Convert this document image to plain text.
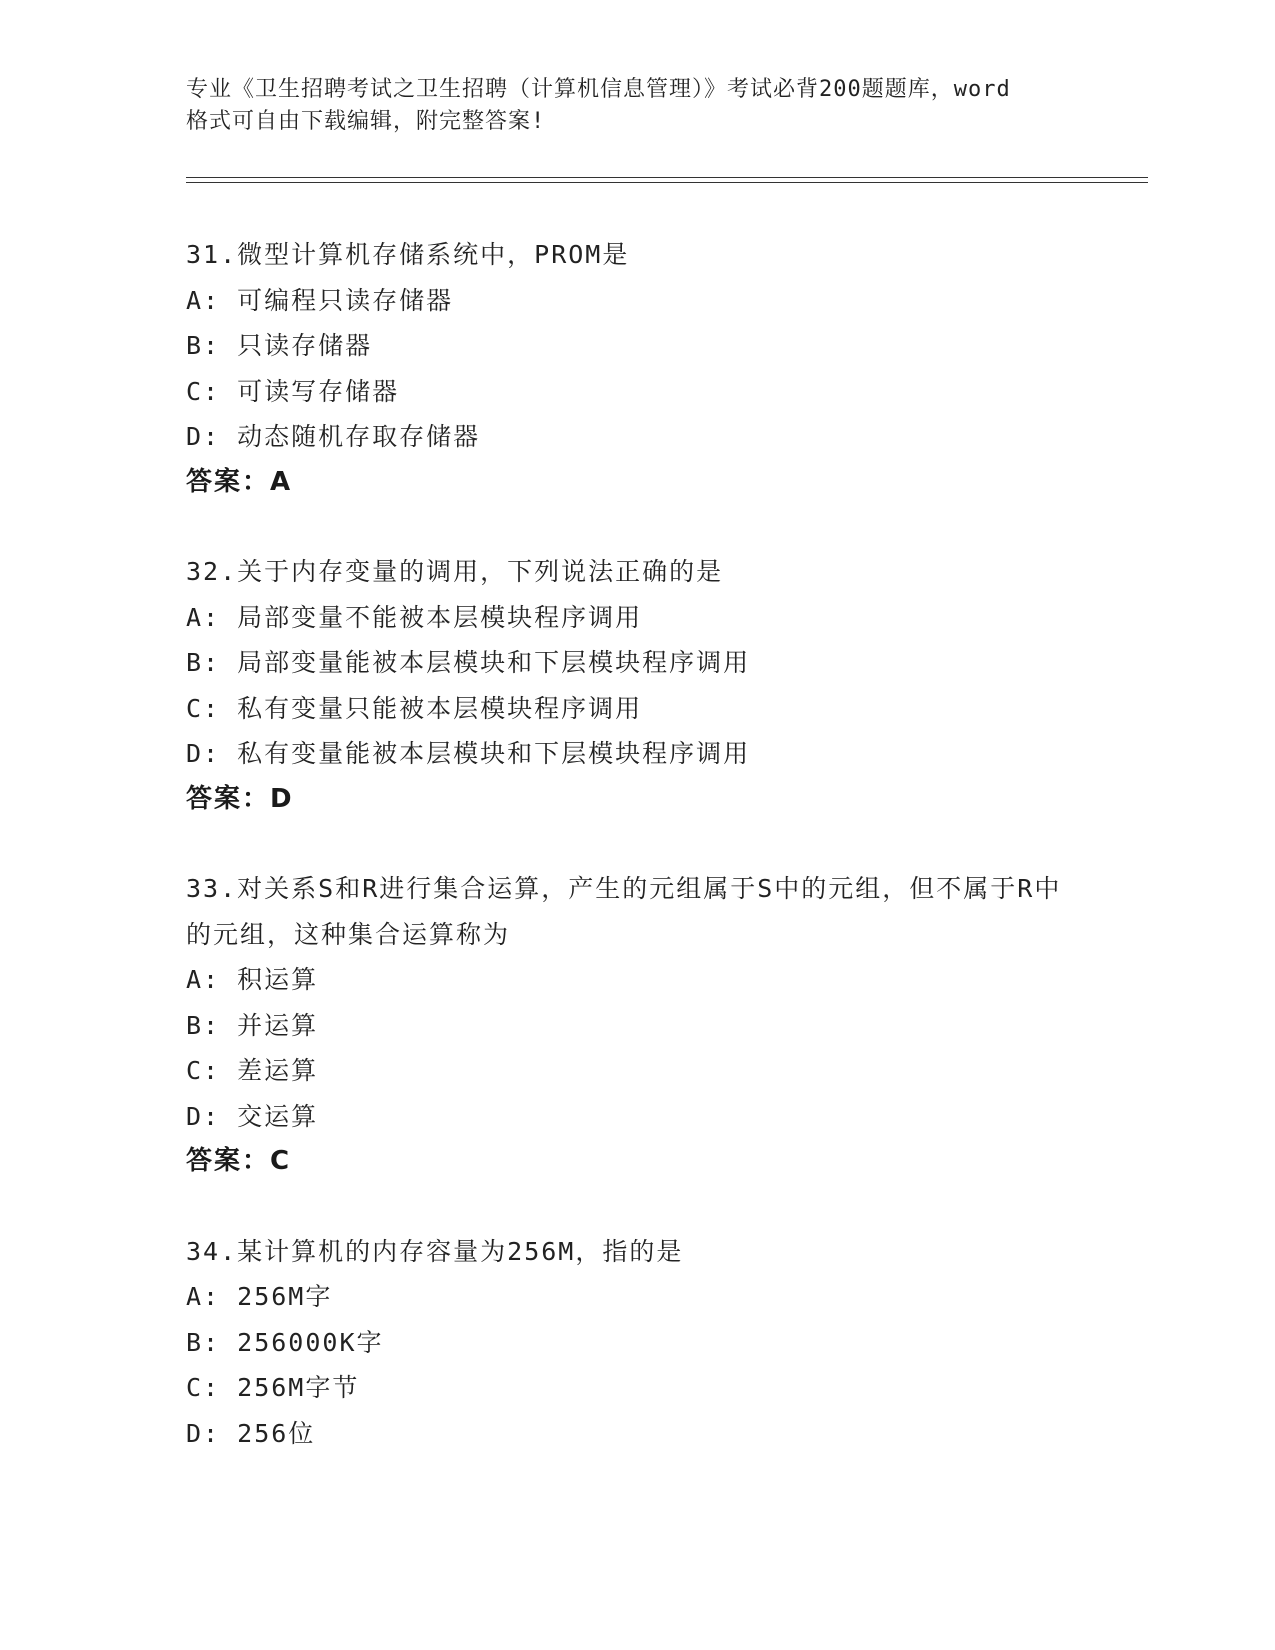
专业《卫生招聘考试之卫生招聘（计算机信息管理）》考试必背200题题库，word
格式可自由下载编辑，附完整答案!
31.微型计算机存储系统中，PROM是
A: 可编程只读存储器
B: 只读存储器
C: 可读写存储器
D: 动态随机存取存储器
答案：A
32.关于内存变量的调用，下列说法正确的是
A: 局部变量不能被本层模块程序调用
B: 局部变量能被本层模块和下层模块程序调用
C: 私有变量只能被本层模块程序调用
D: 私有变量能被本层模块和下层模块程序调用
答案：D
33.对关系S和R进行集合运算，产生的元组属于S中的元组，但不属于R中的元组，这种集合运算称为
A: 积运算
B: 并运算
C: 差运算
D: 交运算
答案：C
34.某计算机的内存容量为256M，指的是
A: 256M字
B: 256000K字
C: 256M字节
D: 256位
